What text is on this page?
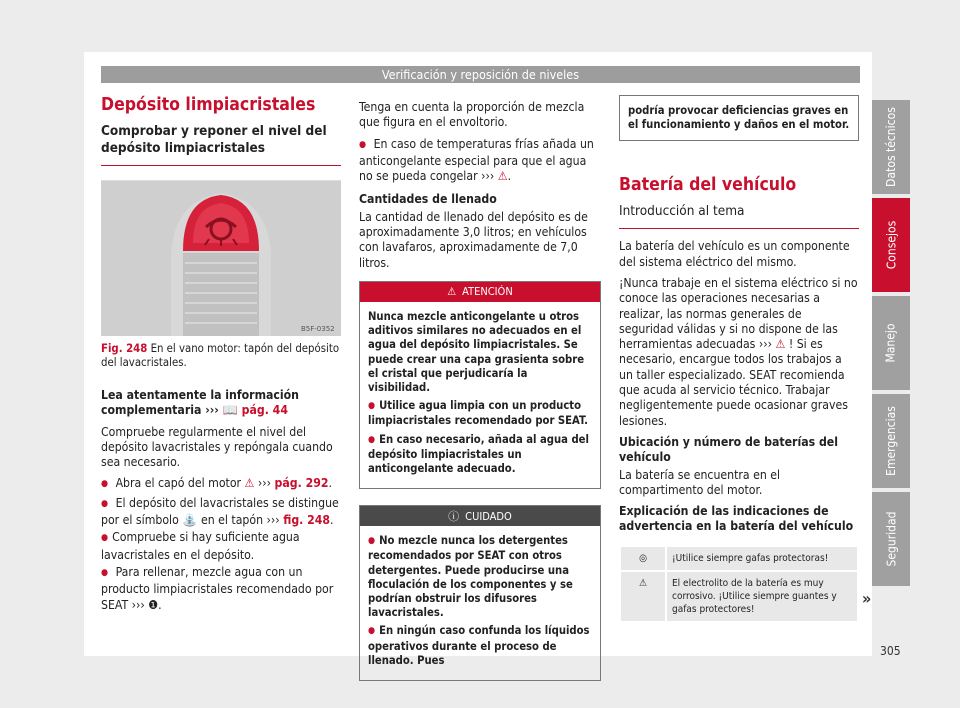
Verificación y reposición de niveles
Datos técnicos
Consejos
Manejo
Emergencias
Seguridad
Depósito limpiacristales
Comprobar y reponer el nivel del depósito limpiacristales
B5F-0352
Fig. 248 En el vano motor: tapón del depósito del lavacristales.

Lea atentamente la información complementaria ››› 📖 pág. 44

Compruebe regularmente el nivel del depósito lavacristales y repóngala cuando sea necesario.

● Abra el capó del motor ⚠ ››› pág. 292.
● El depósito del lavacristales se distingue por el símbolo ⛲ en el tapón ››› fig. 248.
● Compruebe si hay suficiente agua lavacristales en el depósito.
● Para rellenar, mezcle agua con un producto limpiacristales recomendado por SEAT ››› ❶.

Tenga en cuenta la proporción de mezcla que figura en el envoltorio.

● En caso de temperaturas frías añada un anticongelante especial para que el agua no se pueda congelar ››› ⚠.

Cantidades de llenado

La cantidad de llenado del depósito es de aproximadamente 3,0 litros; en vehículos con lavafaros, aproximadamente de 7,0 litros.

⚠ ATENCIÓN

Nunca mezcle anticongelante u otros aditivos similares no adecuados en el agua del depósito limpiacristales. Se puede crear una capa grasienta sobre el cristal que perjudicaría la visibilidad.

● Utilice agua limpia con un producto limpiacristales recomendado por SEAT.
● En caso necesario, añada al agua del depósito limpiacristales un anticongelante adecuado.
ⓘ CUIDADO
● No mezcle nunca los detergentes recomendados por SEAT con otros detergentes. Puede producirse una floculación de los componentes y se podrían obstruir los difusores lavacristales.
● En ningún caso confunda los líquidos operativos durante el proceso de llenado. Pues
podría provocar deficiencias graves en el funcionamiento y daños en el motor.
Batería del vehículo
Introducción al tema

La batería del vehículo es un componente del sistema eléctrico del mismo.

¡Nunca trabaje en el sistema eléctrico si no conoce las operaciones necesarias a realizar, las normas generales de seguridad válidas y si no dispone de las herramientas adecuadas ››› ⚠ ! Si es necesario, encargue todos los trabajos a un taller especializado. SEAT recomienda que acuda al servicio técnico. Trabajar negligentemente puede ocasionar graves lesiones.

Ubicación y número de baterías del vehículo

La batería se encuentra en el compartimento del motor.

Explicación de las indicaciones de advertencia en la batería del vehículo

◎	¡Utilice siempre gafas protectoras!
⚠	El electrolito de la batería es muy corrosivo. ¡Utilice siempre guantes y gafas protectores!
»
305
